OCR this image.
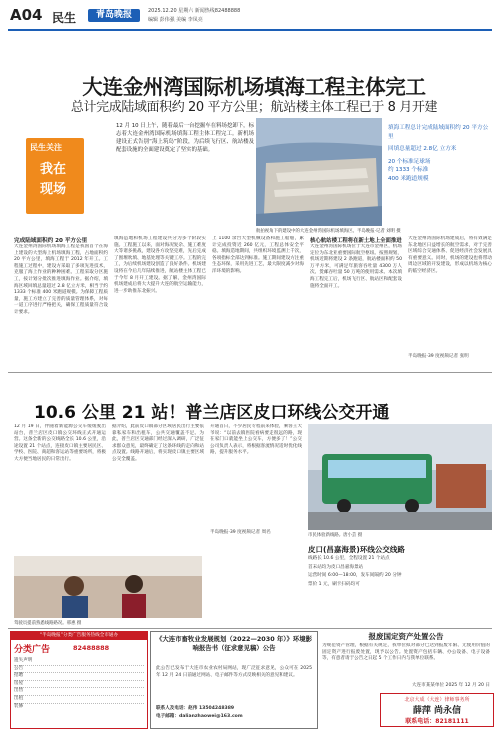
A04 民生	青岛晚报	2025.12.20 星期六 新闻热线82488888
编辑 彭伟强 美编 李凤亮
大连金州湾国际机场填海工程主体完工
总计完成陆域面积约 20 平方公里；航站楼主体工程已于 8 月开建
民生关注
我在
现场
12 月 10 日上午，随着最后一台挖掘车在料场挖卸下，标志着大连金州湾国际机场填海工程主体工程完工。新机场建设正式告别“海上筑岛”阶段，为后续飞行区、航站楼及配套设施的全面建设奠定了坚实的基础。
航拍视角下的建设中的大连金州湾国际机场填海区。半岛晚报·记者 刘明 摄
填海工程总计完成陆域面积约 20 平方公里
回填总量超过 2.8亿 立方米
20 个标准足球场
约 1333 个标准
400 米跑道规模
完成陆域面积约 20 平方公里
大连金州湾国际机场填海工程是我国首个在海上建设的大型海上机场填海工程，占地面积约 20 平方公里，填海工程于 2012 年开工。工程施工过程中，建设方采取了多项先进技术，克服了海上作业的种种困难。工程采取分区施工，按计划分批次推进填海作业。据介绍，填海区域回填总量超过 2.8 亿立方米，相当于约 1333 个标准 400 米跑道规模。为保障工程质量，施工方建立了完善的质量管理体系，对每一道工序进行严格把关，确保工程质量符合设计要求。
填海造地和机场工程建设共分为多个阶段实施。工程施工以来，面对海况复杂、施工难度大等诸多挑战，建设各方攻坚克难，先后完成了围堰吹填、地基处理等关键工序。工程的完工，为后续机场建设创造了良好条件。机场建设将在今后几年陆续推进，航站楼主体工程已于今年 8 月开工建设。据了解，金州湾国际机场建成后将大大提升大连的航空运输能力，进一步助推东北振兴。
上 1100 余台大型机械设备和施工船舶，累计完成投资近 260 亿元，工程总体安全平稳。填海造地期间，共组织环境监测上千次，各项指标全部达到标准。施工期间建设方注重生态环保，采用先进工艺，最大限度减少对海洋环境的影响。
核心航站楼工程将在新土地上全面推进
大连金州湾国际机场位于大连市金州区，机场定位为东北亚重要国际航空枢纽。按照规划，机场近期将建设 2 条跑道，航站楼面积约 50 万平方米，可满足年旅客吞吐量 4300 万人次、货邮吞吐量 50 万吨的使用需求。本次填海工程完工后，机场飞行区、航站区和配套设施将全面开工。
大连金州湾国际机场建成后，将有效满足东北地区日益增长的航空需求，对于完善区域综合交通体系、促进经济社会发展具有重要意义。同时，机场的建设也将带动周边区域的开发建设，形成以机场为核心的临空经济区。
半岛晚报·39 度视频记者 张明
10.6 公里 21 站！普兰店区皮口环线公交开通
12 月 19 日，伴随着新能源公交车缓缓驶出站台，普兰店区皮口镇公交环线正式开通运营。这条全新的公交线路全长 10.6 公里，沿途设置 21 个站点，连接皮口镇主要居民区、学校、医院、商超和客运站等重要场所，将极大方便当地居民的日常出行。
据介绍，此前皮口镇部分区域居民出行主要依靠私家车和出租车，公共交通覆盖不足。为此，普兰店区交通部门经过深入调研，广泛征求群众意见，最终确定了这条环线的走向和站点设置。线路开通后，将实现皮口镇主要区域公交全覆盖。
开通首日，不少居民专程前来体验，乘客王大爷说：“以前去镇医院看病要走很远的路，现在家门口就能坐上公交车，方便多了！”公交公司负责人表示，将根据客流情况适时优化线路，提升服务水平。
半岛晚报·39 度视频记者 周名
市民体验新线路。唐小芸 摄
皮口(昌嘉海景)环线公交线路
线路长 10.6 公里，全程设置 21 个站点
首末站均为皮口昌嘉海景站
运营时间 6:00—18:00，发车间隔约 20 分钟
票价 1 元，刷卡扫码均可
驾驶员提前熟悉线路路况。邢惠 摄
“半岛晚报”分类广告服务热线全市通办
分类广告	82488888
遗失声明
公告
招聘
房屋
出售
出租
装修
《大连市畜牧业发展规划（2022—2030 年）》环境影响报告书（征求意见稿）公告
此公告已发布于大连市农业农村局网站，现广泛征求意见，公众可在 2025 年 12 月 24 日前通过网站、电子邮件等方式反映相关的意见和建议。
联系人及电话：赵伟 13504248389
电子邮箱：dalianzhaowei@163.com
报废国定资产处置公告
为规范资产管理，根据有关规定，我单位拟对部分已达到报废年限、无使用价值的固定资产进行报废处置，现予以公告。处置资产包括车辆、办公设备、电子设备等，有意者请于公告之日起 5 个工作日内与我单位联系。
大连市某某单位 2025 年 12 月 20 日
北京大成（大连）律师事务所
薛萍 尚永信
联系电话：82181111
